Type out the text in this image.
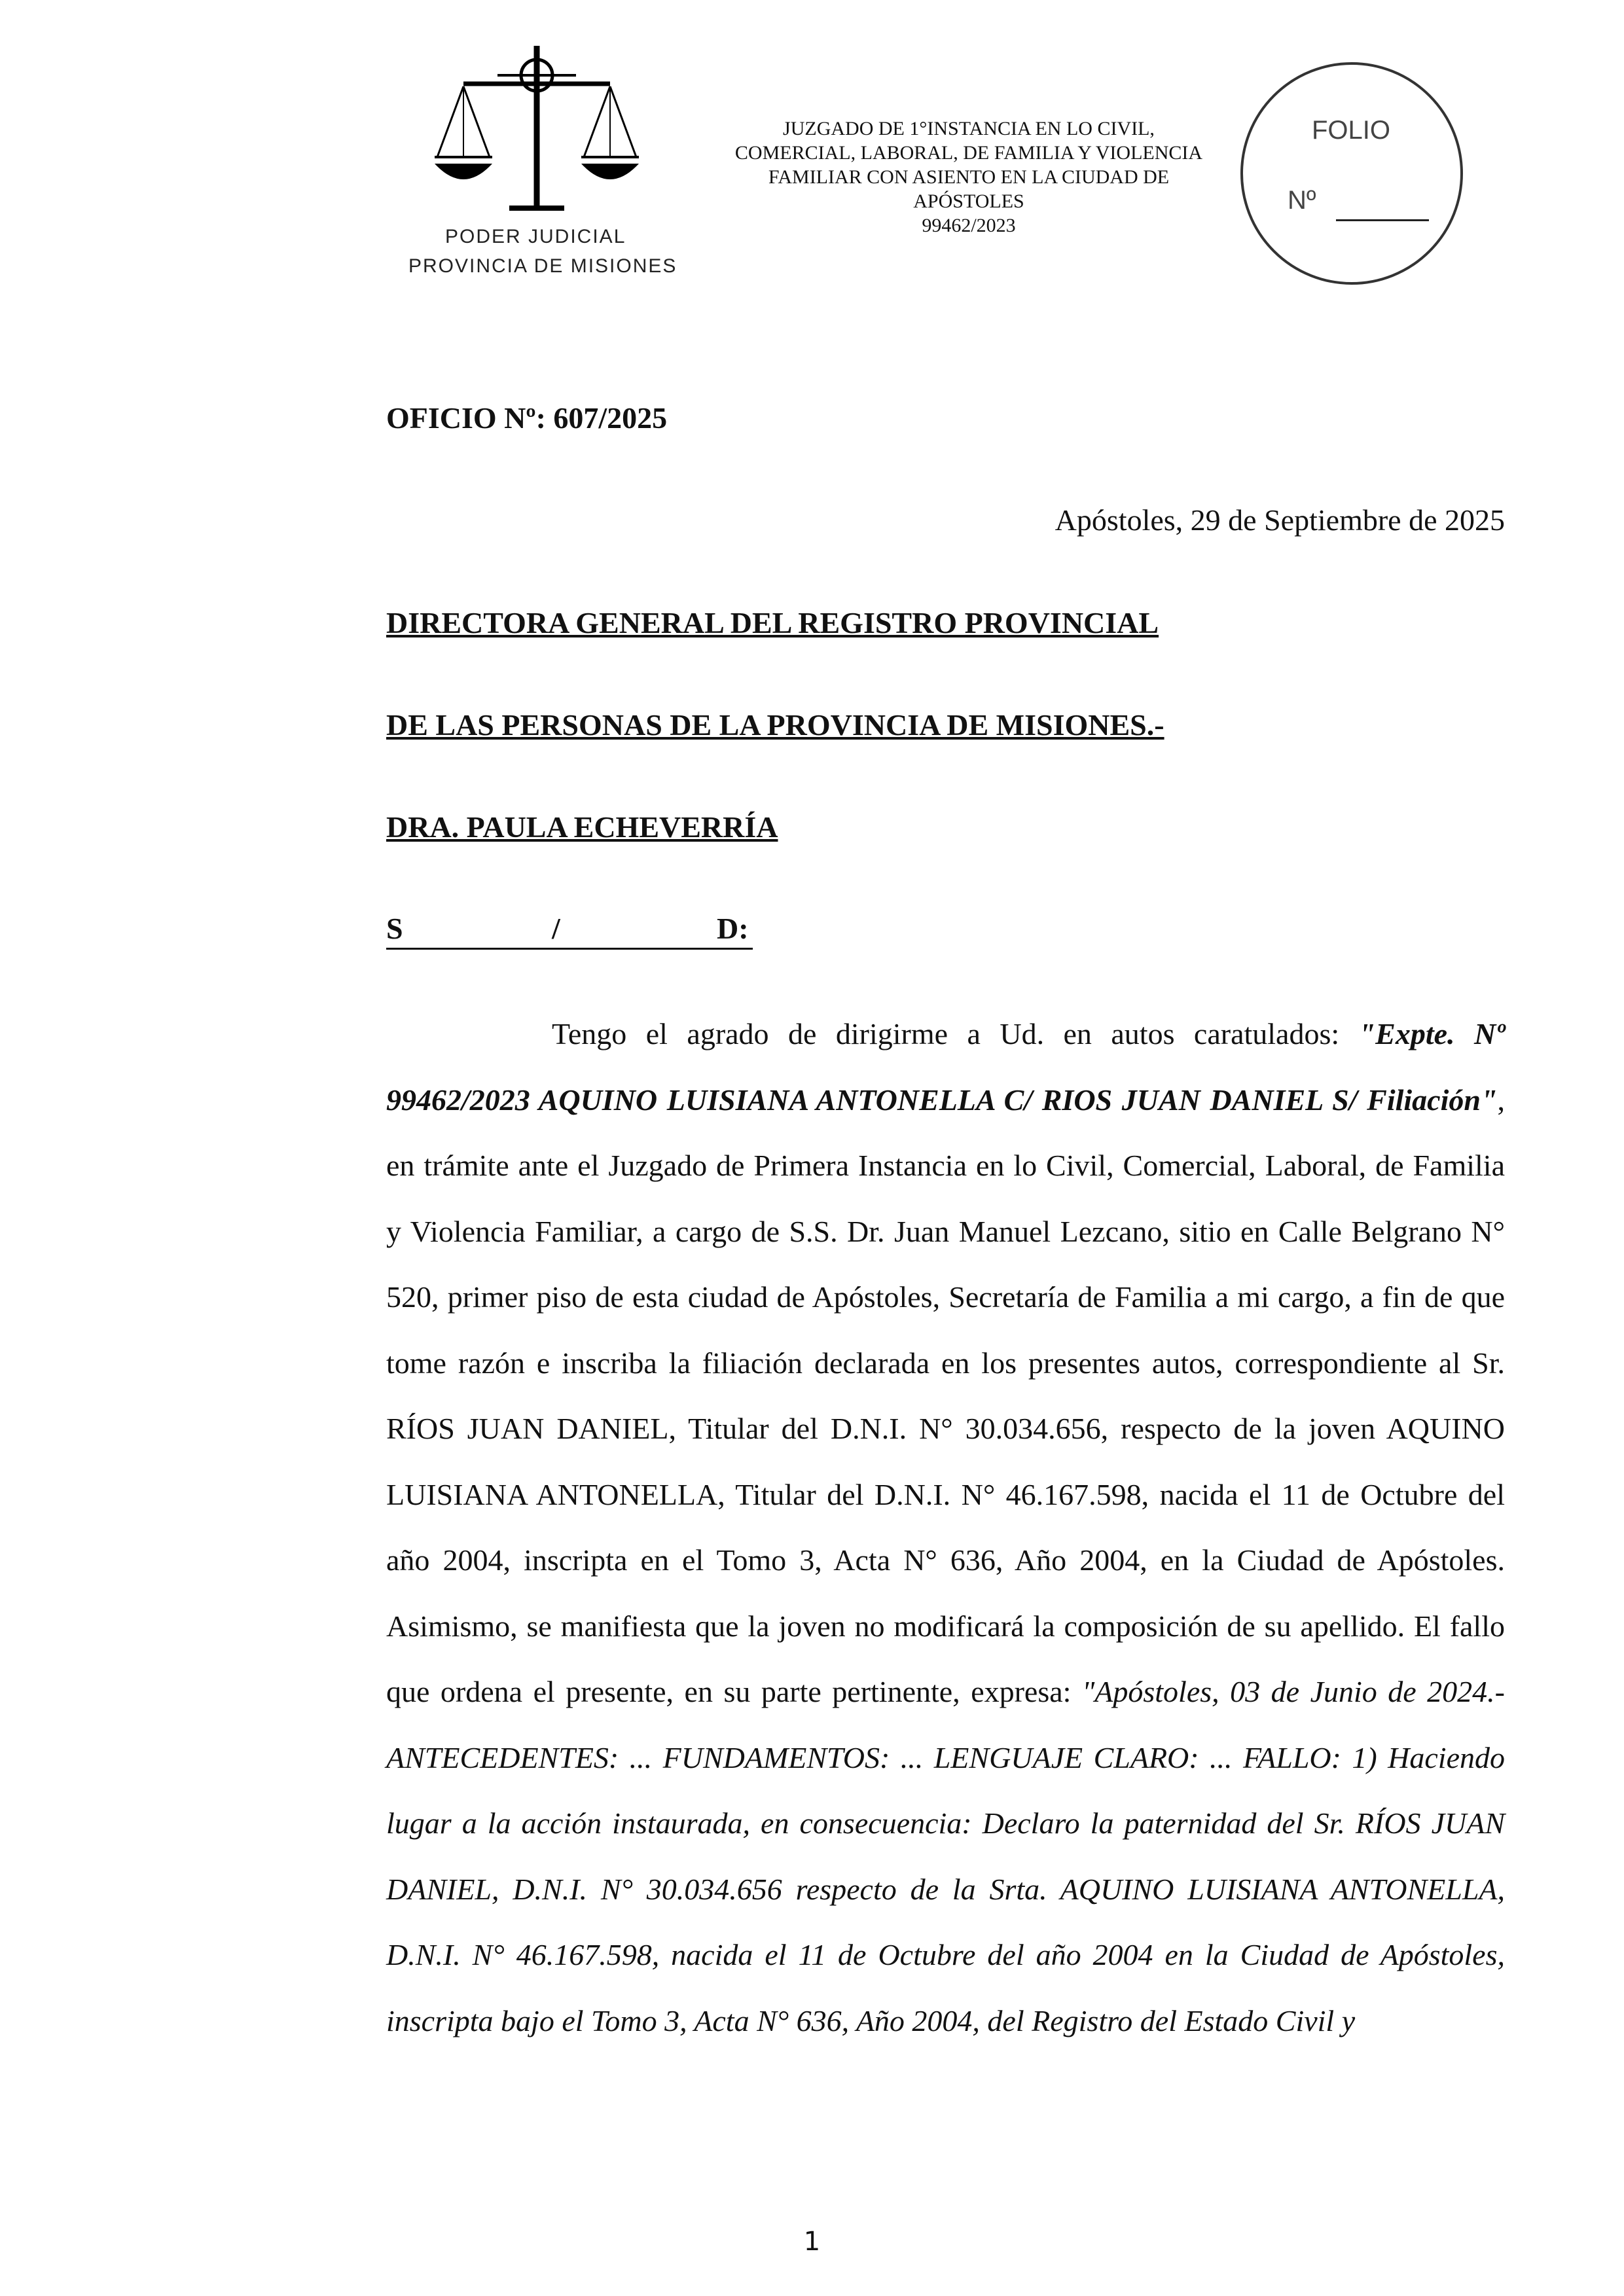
PODER JUDICIAL
PROVINCIA DE MISIONES
JUZGADO DE 1°INSTANCIA EN LO CIVIL,
COMERCIAL, LABORAL, DE FAMILIA Y VIOLENCIA
FAMILIAR CON ASIENTO EN LA CIUDAD DE
APÓSTOLES
99462/2023
FOLIO
Nº
OFICIO Nº: 607/2025
Apóstoles, 29 de Septiembre de 2025
DIRECTORA GENERAL DEL REGISTRO PROVINCIAL
DE LAS PERSONAS DE LA PROVINCIA DE MISIONES.-
DRA. PAULA ECHEVERRÍA
S	/	D:
Tengo el agrado de dirigirme a Ud. en autos caratulados: "Expte. Nº 99462/2023 AQUINO LUISIANA ANTONELLA C/ RIOS JUAN DANIEL S/ Filiación", en trámite ante el Juzgado de Primera Instancia en lo Civil, Comercial, Laboral, de Familia y Violencia Familiar, a cargo de S.S. Dr. Juan Manuel Lezcano, sitio en Calle Belgrano N° 520, primer piso de esta ciudad de Apóstoles, Secretaría de Familia a mi cargo, a fin de que tome razón e inscriba la filiación declarada en los presentes autos, correspondiente al Sr. RÍOS JUAN DANIEL, Titular del D.N.I. N° 30.034.656, respecto de la joven AQUINO LUISIANA ANTONELLA, Titular del D.N.I. N° 46.167.598, nacida el 11 de Octubre del año 2004, inscripta en el Tomo 3, Acta N° 636, Año 2004, en la Ciudad de Apóstoles. Asimismo, se manifiesta que la joven no modificará la composición de su apellido. El fallo que ordena el presente, en su parte pertinente, expresa: "Apóstoles, 03 de Junio de 2024.- ANTECEDENTES: ... FUNDAMENTOS: ... LENGUAJE CLARO: ... FALLO: 1) Haciendo lugar a la acción instaurada, en consecuencia: Declaro la paternidad del Sr. RÍOS JUAN DANIEL, D.N.I. N° 30.034.656 respecto de la Srta. AQUINO LUISIANA ANTONELLA, D.N.I. N° 46.167.598, nacida el 11 de Octubre del año 2004 en la Ciudad de Apóstoles, inscripta bajo el Tomo 3, Acta N° 636, Año 2004, del Registro del Estado Civil y
1
